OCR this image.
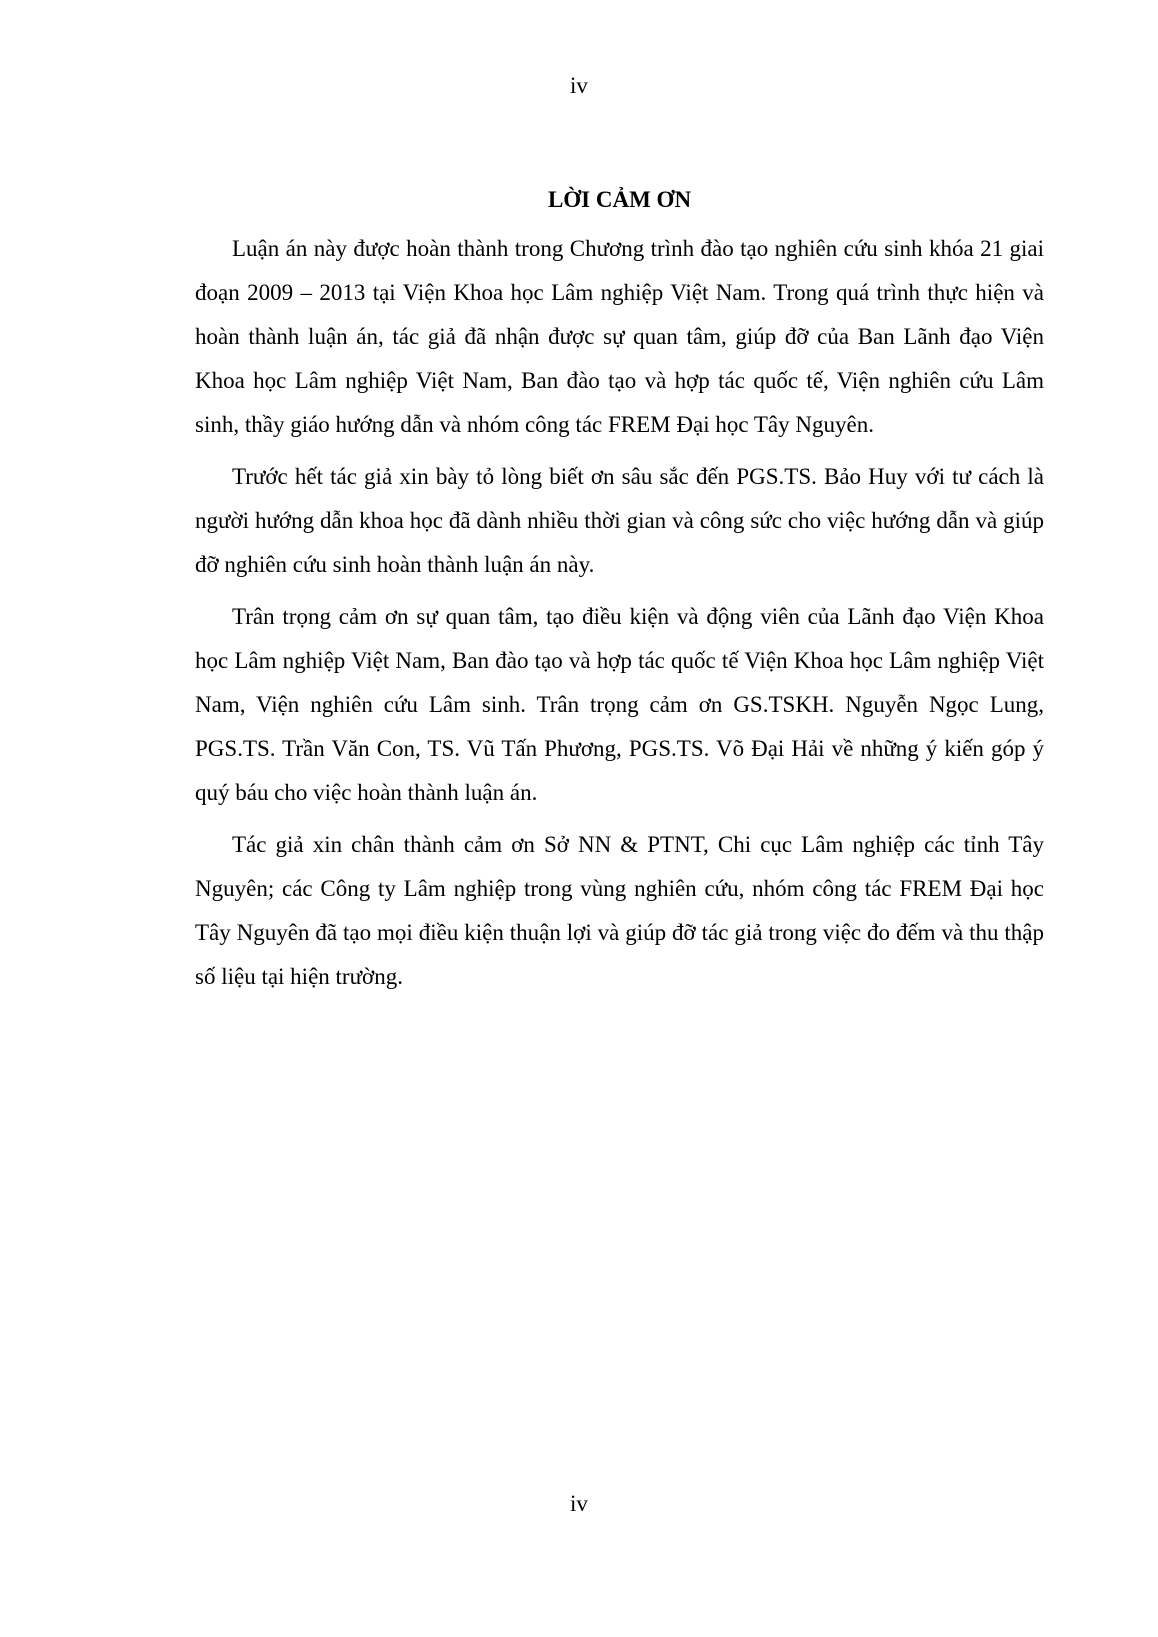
iv
LỜI CẢM ƠN

Luận án này được hoàn thành trong Chương trình đào tạo nghiên cứu sinh khóa 21 giai đoạn 2009 – 2013 tại Viện Khoa học Lâm nghiệp Việt Nam. Trong quá trình thực hiện và hoàn thành luận án, tác giả đã nhận được sự quan tâm, giúp đỡ của Ban Lãnh đạo Viện Khoa học Lâm nghiệp Việt Nam, Ban đào tạo và hợp tác quốc tế, Viện nghiên cứu Lâm sinh, thầy giáo hướng dẫn và nhóm công tác FREM Đại học Tây Nguyên.

Trước hết tác giả xin bày tỏ lòng biết ơn sâu sắc đến PGS.TS. Bảo Huy với tư cách là người hướng dẫn khoa học đã dành nhiều thời gian và công sức cho việc hướng dẫn và giúp đỡ nghiên cứu sinh hoàn thành luận án này.

Trân trọng cảm ơn sự quan tâm, tạo điều kiện và động viên của Lãnh đạo Viện Khoa học Lâm nghiệp Việt Nam, Ban đào tạo và hợp tác quốc tế Viện Khoa học Lâm nghiệp Việt Nam, Viện nghiên cứu Lâm sinh. Trân trọng cảm ơn GS.TSKH. Nguyễn Ngọc Lung, PGS.TS. Trần Văn Con, TS. Vũ Tấn Phương, PGS.TS. Võ Đại Hải về những ý kiến góp ý quý báu cho việc hoàn thành luận án.

Tác giả xin chân thành cảm ơn Sở NN & PTNT, Chi cục Lâm nghiệp các tỉnh Tây Nguyên; các Công ty Lâm nghiệp trong vùng nghiên cứu, nhóm công tác FREM Đại học Tây Nguyên đã tạo mọi điều kiện thuận lợi và giúp đỡ tác giả trong việc đo đếm và thu thập số liệu tại hiện trường.

iv
